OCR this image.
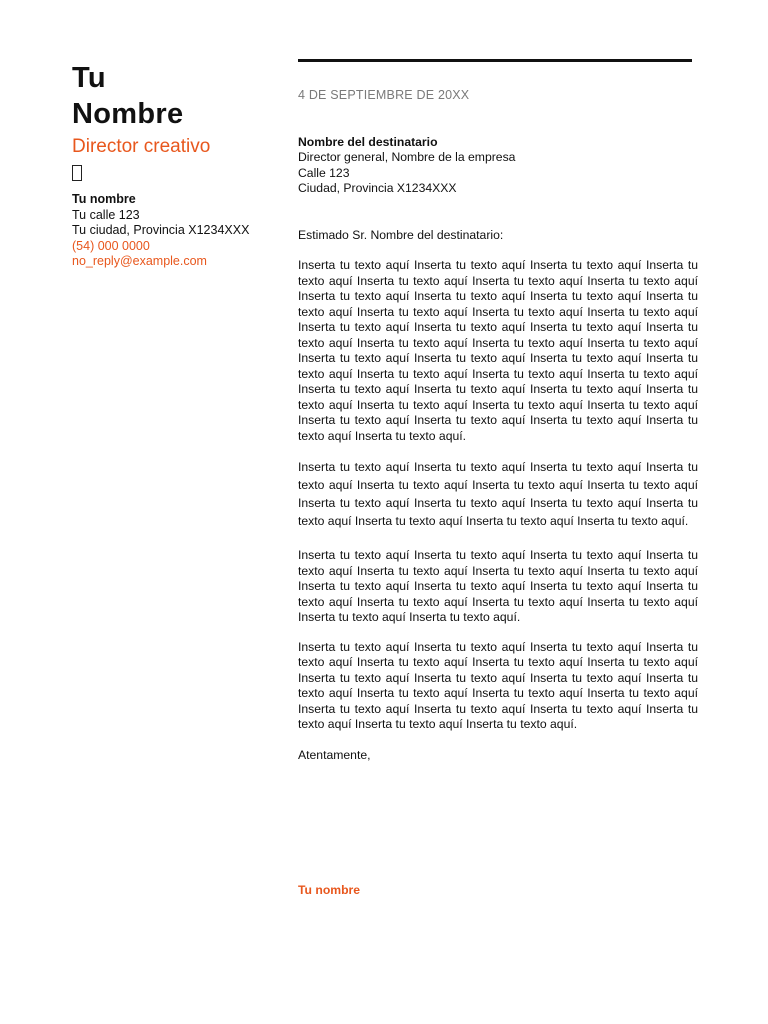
Tu
Nombre
Director creativo
Tu nombre
Tu calle 123
Tu ciudad, Provincia X1234XXX
(54) 000 0000
no_reply@example.com
4 DE SEPTIEMBRE DE 20XX
Nombre del destinatario
Director general, Nombre de la empresa
Calle 123
Ciudad, Provincia X1234XXX
Estimado Sr. Nombre del destinatario:
Inserta tu texto aquí Inserta tu texto aquí Inserta tu texto aquí Inserta tu texto aquí Inserta tu texto aquí Inserta tu texto aquí Inserta tu texto aquí Inserta tu texto aquí Inserta tu texto aquí Inserta tu texto aquí Inserta tu texto aquí Inserta tu texto aquí Inserta tu texto aquí Inserta tu texto aquí Inserta tu texto aquí Inserta tu texto aquí Inserta tu texto aquí Inserta tu texto aquí Inserta tu texto aquí Inserta tu texto aquí Inserta tu texto aquí Inserta tu texto aquí Inserta tu texto aquí Inserta tu texto aquí Inserta tu texto aquí Inserta tu texto aquí Inserta tu texto aquí Inserta tu texto aquí Inserta tu texto aquí Inserta tu texto aquí Inserta tu texto aquí Inserta tu texto aquí Inserta tu texto aquí Inserta tu texto aquí Inserta tu texto aquí Inserta tu texto aquí Inserta tu texto aquí Inserta tu texto aquí Inserta tu texto aquí Inserta tu texto aquí.
Inserta tu texto aquí Inserta tu texto aquí Inserta tu texto aquí Inserta tu texto aquí Inserta tu texto aquí Inserta tu texto aquí Inserta tu texto aquí Inserta tu texto aquí Inserta tu texto aquí Inserta tu texto aquí Inserta tu texto aquí Inserta tu texto aquí Inserta tu texto aquí Inserta tu texto aquí.
Inserta tu texto aquí Inserta tu texto aquí Inserta tu texto aquí Inserta tu texto aquí Inserta tu texto aquí Inserta tu texto aquí Inserta tu texto aquí Inserta tu texto aquí Inserta tu texto aquí Inserta tu texto aquí Inserta tu texto aquí Inserta tu texto aquí Inserta tu texto aquí Inserta tu texto aquí Inserta tu texto aquí Inserta tu texto aquí.
Inserta tu texto aquí Inserta tu texto aquí Inserta tu texto aquí Inserta tu texto aquí Inserta tu texto aquí Inserta tu texto aquí Inserta tu texto aquí Inserta tu texto aquí Inserta tu texto aquí Inserta tu texto aquí Inserta tu texto aquí Inserta tu texto aquí Inserta tu texto aquí Inserta tu texto aquí Inserta tu texto aquí Inserta tu texto aquí Inserta tu texto aquí Inserta tu texto aquí Inserta tu texto aquí Inserta tu texto aquí.
Atentamente,
Tu nombre
